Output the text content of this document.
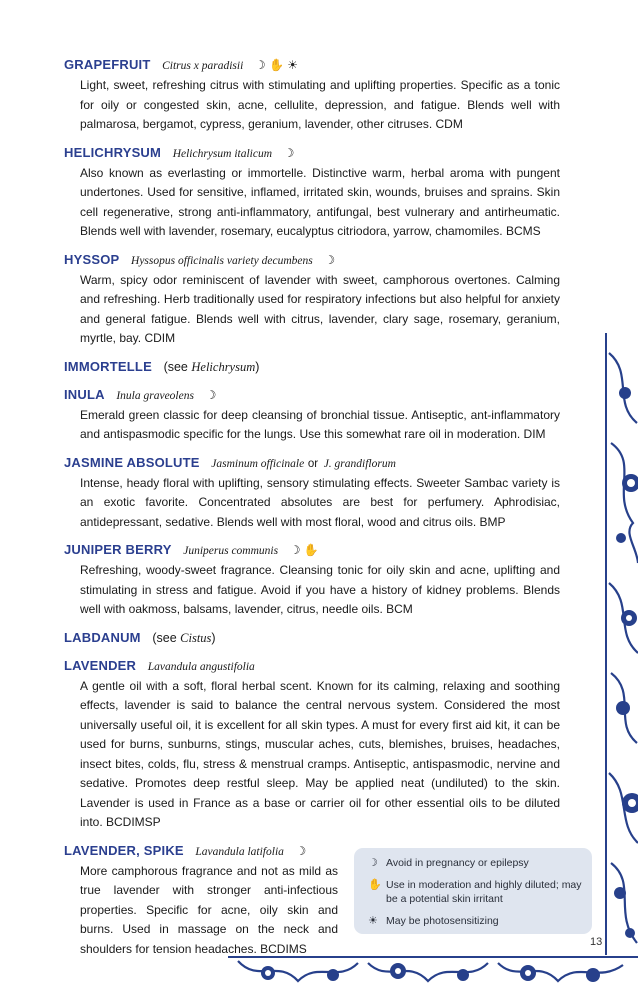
GRAPEFRUIT Citrus x paradisii ☽ ✋ ☀
Light, sweet, refreshing citrus with stimulating and uplifting properties. Specific as a tonic for oily or congested skin, acne, cellulite, depression, and fatigue. Blends well with palmarosa, bergamot, cypress, geranium, lavender, other citruses. CDM
HELICHRYSUM Helichrysum italicum ☽
Also known as everlasting or immortelle. Distinctive warm, herbal aroma with pungent undertones. Used for sensitive, inflamed, irritated skin, wounds, bruises and sprains. Skin cell regenerative, strong anti-inflammatory, antifungal, best vulnerary and antirheumatic. Blends well with lavender, rosemary, eucalyptus citriodora, yarrow, chamomiles. BCMS
HYSSOP Hyssopus officinalis variety decumbens ☽
Warm, spicy odor reminiscent of lavender with sweet, camphorous overtones. Calming and refreshing. Herb traditionally used for respiratory infections but also helpful for anxiety and general fatigue. Blends well with citrus, lavender, clary sage, rosemary, geranium, myrtle, bay. CDIM
IMMORTELLE (see Helichrysum)
INULA Inula graveolens ☽
Emerald green classic for deep cleansing of bronchial tissue. Antiseptic, ant-inflammatory and antispasmodic specific for the lungs. Use this somewhat rare oil in moderation. DIM
JASMINE ABSOLUTE Jasminum officinale or J. grandiflorum
Intense, heady floral with uplifting, sensory stimulating effects. Sweeter Sambac variety is an exotic favorite. Concentrated absolutes are best for perfumery. Aphrodisiac, antidepressant, sedative. Blends well with most floral, wood and citrus oils. BMP
JUNIPER BERRY Juniperus communis ☽ ✋
Refreshing, woody-sweet fragrance. Cleansing tonic for oily skin and acne, uplifting and stimulating in stress and fatigue. Avoid if you have a history of kidney problems. Blends well with oakmoss, balsams, lavender, citrus, needle oils. BCM
LABDANUM (see Cistus)
LAVENDER Lavandula angustifolia
A gentle oil with a soft, floral herbal scent. Known for its calming, relaxing and soothing effects, lavender is said to balance the central nervous system. Considered the most universally useful oil, it is excellent for all skin types. A must for every first aid kit, it can be used for burns, sunburns, stings, muscular aches, cuts, blemishes, bruises, headaches, insect bites, colds, flu, stress & menstrual cramps. Antiseptic, antispasmodic, nervine and sedative. Promotes deep restful sleep. May be applied neat (undiluted) to the skin. Lavender is used in France as a base or carrier oil for other essential oils to be diluted into. BCDIMSP
LAVENDER, SPIKE Lavandula latifolia ☽
More camphorous fragrance and not as mild as true lavender with stronger anti-infectious properties. Specific for acne, oily skin and burns. Used in massage on the neck and shoulders for tension headaches. BCDIMS
☽ Avoid in pregnancy or epilepsy
✋ Use in moderation and highly diluted; may be a potential skin irritant
☀ May be photosensitizing
13
